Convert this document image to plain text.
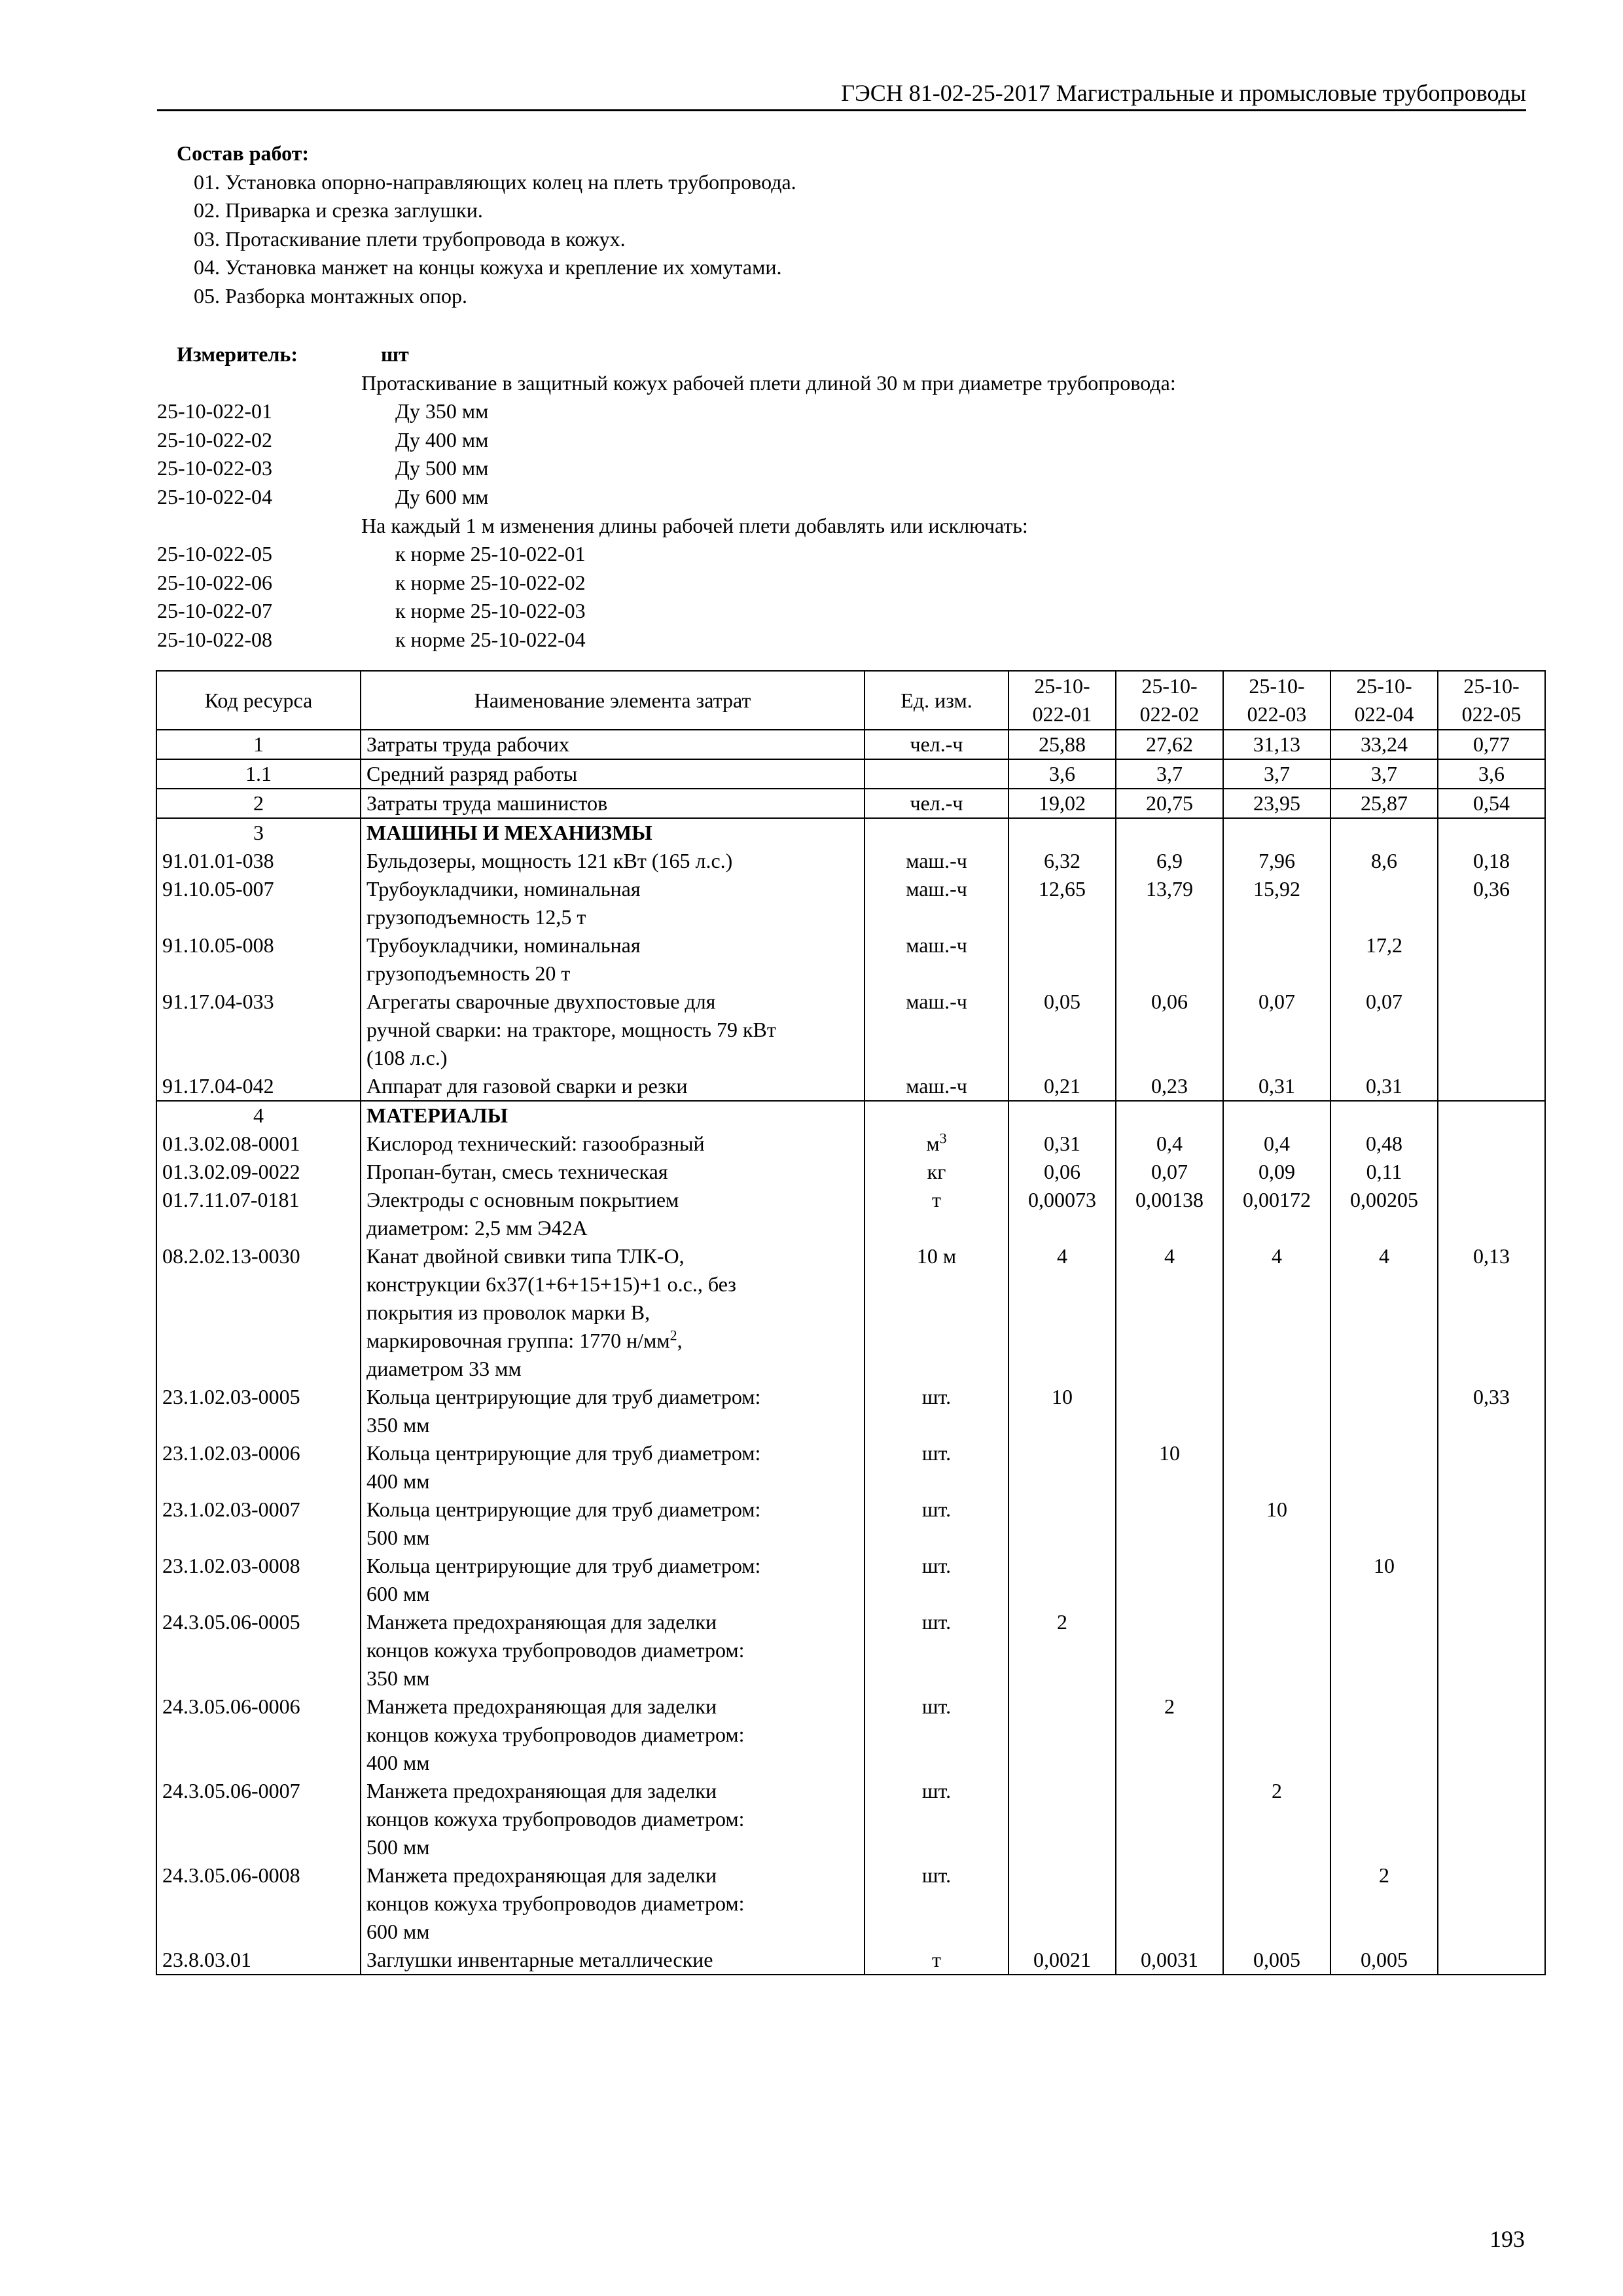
ГЭСН 81-02-25-2017 Магистральные и промысловые трубопроводы
Состав работ:
01. Установка опорно-направляющих колец на плеть трубопровода.
02. Приварка и срезка заглушки.
03. Протаскивание плети трубопровода в кожух.
04. Установка манжет на концы кожуха и крепление их хомутами.
05. Разборка монтажных опор.
Измеритель:	шт
Протаскивание в защитный кожух рабочей плети длиной 30 м при диаметре трубопровода:
25-10-022-01	Ду 350 мм
25-10-022-02	Ду 400 мм
25-10-022-03	Ду 500 мм
25-10-022-04	Ду 600 мм
На каждый 1 м изменения длины рабочей плети добавлять или исключать:
25-10-022-05	к норме 25-10-022-01
25-10-022-06	к норме 25-10-022-02
25-10-022-07	к норме 25-10-022-03
25-10-022-08	к норме 25-10-022-04
Код ресурса	Наименование элемента затрат	Ед. изм.	25-10-
022-01	25-10-
022-02	25-10-
022-03	25-10-
022-04	25-10-
022-05
1	Затраты труда рабочих	чел.-ч	25,88	27,62	31,13	33,24	0,77
1.1	Средний разряд работы		3,6	3,7	3,7	3,7	3,6
2	Затраты труда машинистов	чел.-ч	19,02	20,75	23,95	25,87	0,54
3	МАШИНЫ И МЕХАНИЗМЫ						

91.01.01-038	Бульдозеры, мощность 121 кВт (165 л.с.)	маш.-ч	6,32	6,9	7,96	8,6	0,18
91.10.05-007	Трубоукладчики, номинальная
грузоподъемность 12,5 т	маш.-ч	12,65	13,79	15,92		0,36
91.10.05-008	Трубоукладчики, номинальная
грузоподъемность 20 т	маш.-ч				17,2	
91.17.04-033	Агрегаты сварочные двухпостовые для
ручной сварки: на тракторе, мощность 79 кВт
(108 л.с.)	маш.-ч	0,05	0,06	0,07	0,07	
91.17.04-042	Аппарат для газовой сварки и резки	маш.-ч	0,21	0,23	0,31	0,31	
4	МАТЕРИАЛЫ						

01.3.02.08-0001	Кислород технический: газообразный	$м^3$	0,31	0,4	0,4	0,48	
01.3.02.09-0022	Пропан-бутан, смесь техническая	кг	0,06	0,07	0,09	0,11	
01.7.11.07-0181	Электроды с основным покрытием
диаметром: 2,5 мм Э42А	т	0,00073	0,00138	0,00172	0,00205	
08.2.02.13-0030	Канат двойной свивки типа ТЛК-О,
конструкции 6х37(1+6+15+15)+1 о.с., без
покрытия из проволок марки В,
маркировочная группа: 1770 $н/мм^2$,
диаметром 33 мм	10 м	4	4	4	4	0,13
23.1.02.03-0005	Кольца центрирующие для труб диаметром:
350 мм	шт.	10				0,33
23.1.02.03-0006	Кольца центрирующие для труб диаметром:
400 мм	шт.		10			
23.1.02.03-0007	Кольца центрирующие для труб диаметром:
500 мм	шт.			10		
23.1.02.03-0008	Кольца центрирующие для труб диаметром:
600 мм	шт.				10	
24.3.05.06-0005	Манжета предохраняющая для заделки
концов кожуха трубопроводов диаметром:
350 мм	шт.	2				
24.3.05.06-0006	Манжета предохраняющая для заделки
концов кожуха трубопроводов диаметром:
400 мм	шт.		2			
24.3.05.06-0007	Манжета предохраняющая для заделки
концов кожуха трубопроводов диаметром:
500 мм	шт.			2		
24.3.05.06-0008	Манжета предохраняющая для заделки
концов кожуха трубопроводов диаметром:
600 мм	шт.				2	
23.8.03.01	Заглушки инвентарные металлические	т	0,0021	0,0031	0,005	0,005	
193
